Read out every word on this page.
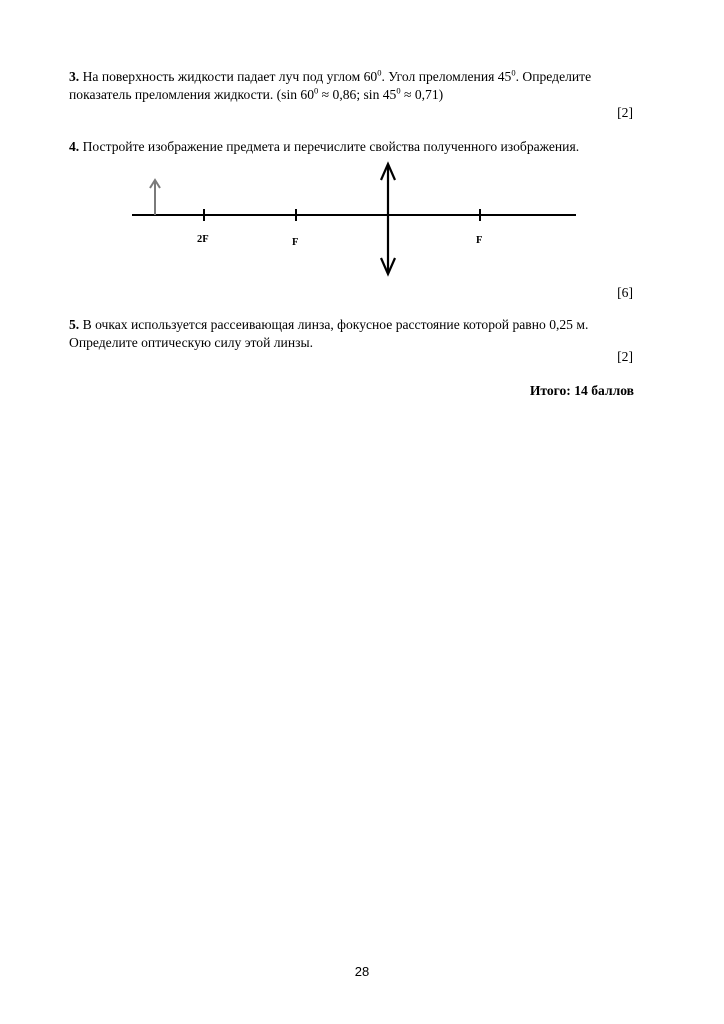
3. На поверхность жидкости падает луч под углом $60^0$. Угол преломления $45^0$. Определите
показатель преломления жидкости. (sin $60^0 \approx 0,86$; $\sin 45^0 \approx 0,71$)
[2]
4. Постройте изображение предмета и перечислите свойства полученного изображения.
2F	F	F
[6]
5. В очках используется рассеивающая линза, фокусное расстояние которой равно 0,25 м.
Определите оптическую силу этой линзы.
[2]
Итого: 14 баллов
28
